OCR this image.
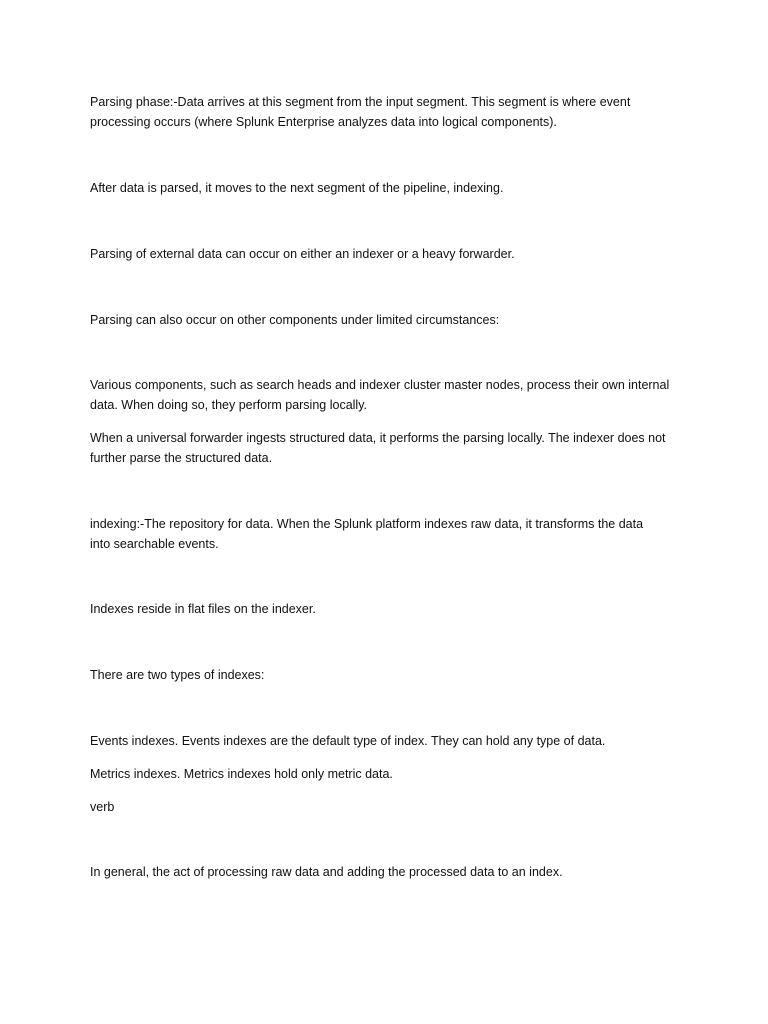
Parsing phase:-Data arrives at this segment from the input segment. This segment is where event
processing occurs (where Splunk Enterprise analyzes data into logical components).

After data is parsed, it moves to the next segment of the pipeline, indexing.

Parsing of external data can occur on either an indexer or a heavy forwarder.

Parsing can also occur on other components under limited circumstances:

Various components, such as search heads and indexer cluster master nodes, process their own internal
data. When doing so, they perform parsing locally.

When a universal forwarder ingests structured data, it performs the parsing locally. The indexer does not
further parse the structured data.

indexing:-The repository for data. When the Splunk platform indexes raw data, it transforms the data
into searchable events.

Indexes reside in flat files on the indexer.

There are two types of indexes:

Events indexes. Events indexes are the default type of index. They can hold any type of data.

Metrics indexes. Metrics indexes hold only metric data.

verb

In general, the act of processing raw data and adding the processed data to an index.
